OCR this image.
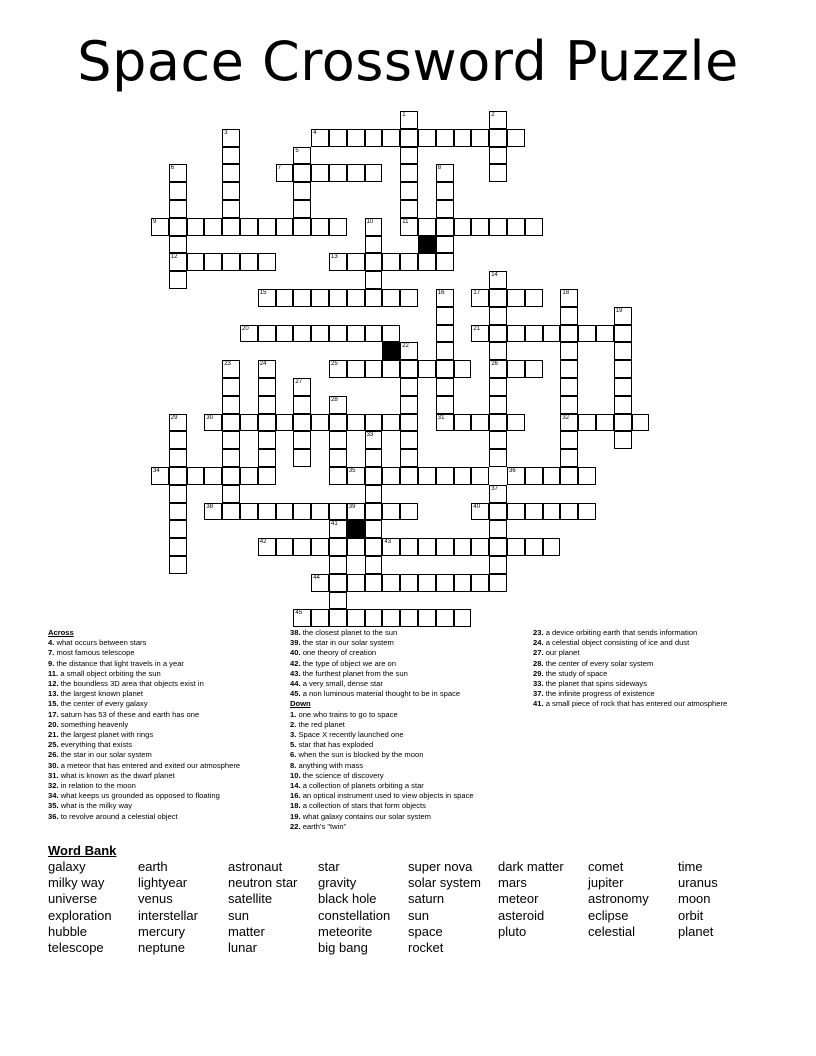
Space Crossword Puzzle
1	2
3	4
5
6
12
7	8
9	10	11
13
14
26
15	16
31
17	18
32
19
20	21
22
23	24	25
27
28
29	30
33
34	35	36
37
38	39	40
41
42	43
44
45
Across
4. what occurs between stars
7. most famous telescope
9. the distance that light travels in a year
11. a small object orbiting the sun
12. the boundless 3D area that objects exist in
13. the largest known planet
15. the center of every galaxy
17. saturn has 53 of these and earth has one
20. something heavenly
21. the largest planet with rings
25. everything that exists
26. the star in our solar system
30. a meteor that has entered and exited our atmosphere
31. what is known as the dwarf planet
32. in relation to the moon
34. what keeps us grounded as opposed to floating
35. what is the milky way
36. to revolve around a celestial object
38. the closest planet to the sun
39. the star in our solar system
40. one theory of creation
42. the type of object we are on
43. the furthest planet from the sun
44. a very small, dense star
45. a non luminous material thought to be in space
Down
1. one who trains to go to space
2. the red planet
3. Space X recently launched one
5. star that has exploded
6. when the sun is blocked by the moon
8. anything with mass
10. the science of discovery
14. a collection of planets orbiting a star
16. an optical instrument used to view objects in space
18. a collection of stars that form objects
19. what galaxy contains our solar system
22. earth's "twin"
23. a device orbiting earth that sends information
24. a celestial object consisting of ice and dust
27. our planet
28. the center of every solar system
29. the study of space
33. the planet that spins sideways
37. the infinite progress of existence
41. a small piece of rock that has entered our atmosphere
Word Bank
galaxy	earth	astronaut	star	super nova	dark matter	comet	time
milky way	lightyear	neutron star	gravity	solar system	mars	jupiter	uranus
universe	venus	satellite	black hole	saturn	meteor	astronomy	moon
exploration	interstellar	sun	constellation	sun	asteroid	eclipse	orbit
hubble	mercury	matter	meteorite	space	pluto	celestial	planet
telescope	neptune	lunar	big bang	rocket
